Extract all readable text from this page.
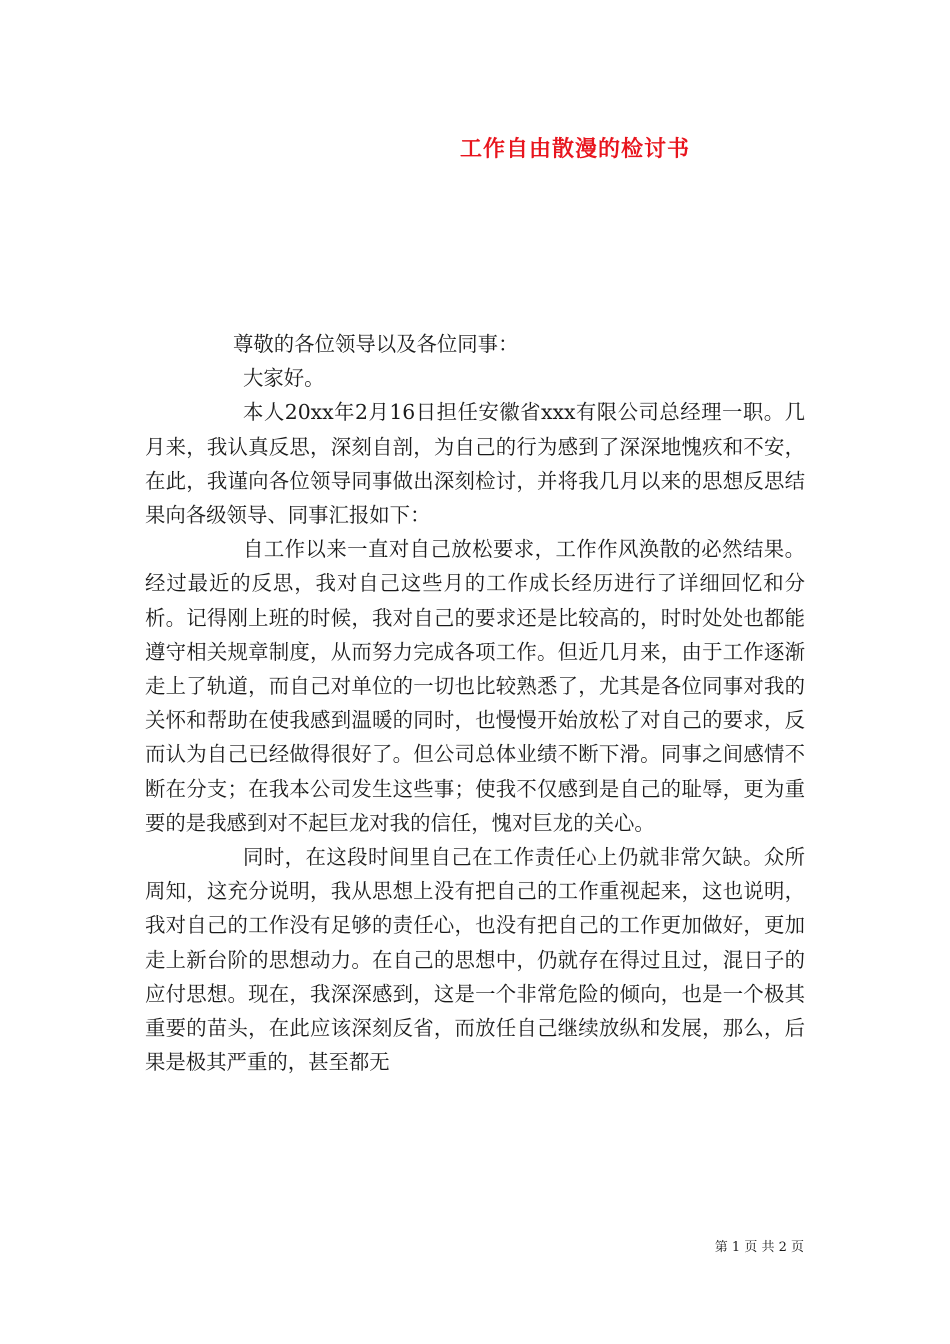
工作自由散漫的检讨书

尊敬的各位领导以及各位同事：

大家好。

本人20xx年2月16日担任安徽省xxx有限公司总经理一职。几月来，我认真反思，深刻自剖，为自己的行为感到了深深地愧疚和不安，在此，我谨向各位领导同事做出深刻检讨，并将我几月以来的思想反思结果向各级领导、同事汇报如下：

自工作以来一直对自己放松要求，工作作风涣散的必然结果。经过最近的反思，我对自己这些月的工作成长经历进行了详细回忆和分析。记得刚上班的时候，我对自己的要求还是比较高的，时时处处也都能遵守相关规章制度，从而努力完成各项工作。但近几月来，由于工作逐渐走上了轨道，而自己对单位的一切也比较熟悉了，尤其是各位同事对我的关怀和帮助在使我感到温暖的同时，也慢慢开始放松了对自己的要求，反而认为自己已经做得很好了。但公司总体业绩不断下滑。同事之间感情不断在分支；在我本公司发生这些事；使我不仅感到是自己的耻辱，更为重要的是我感到对不起巨龙对我的信任，愧对巨龙的关心。

同时，在这段时间里自己在工作责任心上仍就非常欠缺。众所周知，这充分说明，我从思想上没有把自己的工作重视起来，这也说明，我对自己的工作没有足够的责任心，也没有把自己的工作更加做好，更加走上新台阶的思想动力。在自己的思想中，仍就存在得过且过，混日子的应付思想。现在，我深深感到，这是一个非常危险的倾向，也是一个极其重要的苗头，在此应该深刻反省，而放任自己继续放纵和发展，那么，后果是极其严重的，甚至都无

第 1 页 共 2 页
